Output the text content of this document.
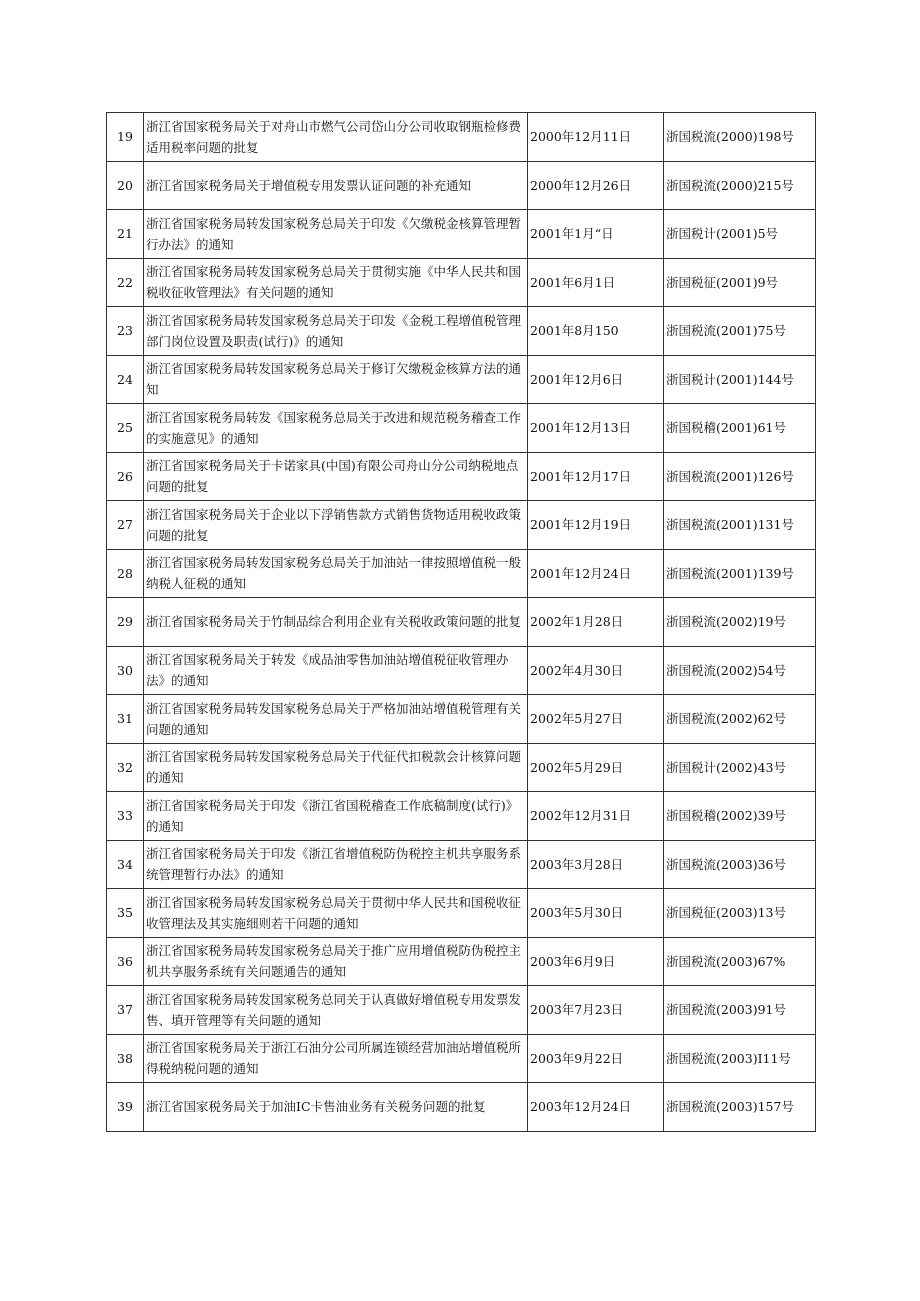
19	浙江省国家税务局关于对舟山市燃气公司岱山分公司收取钢瓶检修费适用税率问题的批复	2000年12月11日	浙国税流(2000)198号
20	浙江省国家税务局关于增值税专用发票认证问题的补充通知	2000年12月26日	浙国税流(2000)215号
21	浙江省国家税务局转发国家税务总局关于印发《欠缴税金核算管理暂行办法》的通知	2001年1月“日	浙国税计(2001)5号
22	浙江省国家税务局转发国家税务总局关于贯彻实施《中华人民共和国税收征收管理法》有关问题的通知	2001年6月1日	浙国税征(2001)9号
23	浙江省国家税务局转发国家税务总局关于印发《金税工程增值税管理部门岗位设置及职责(试行)》的通知	2001年8月150	浙国税流(2001)75号
24	浙江省国家税务局转发国家税务总局关于修订欠缴税金核算方法的通知	2001年12月6日	浙国税计(2001)144号
25	浙江省国家税务局转发《国家税务总局关于改进和规范税务稽查工作的实施意见》的通知	2001年12月13日	浙国税稽(2001)61号
26	浙江省国家税务局关于卡诺家具(中国)有限公司舟山分公司纳税地点问题的批复	2001年12月17日	浙国税流(2001)126号
27	浙江省国家税务局关于企业以下浮销售款方式销售货物适用税收政策问题的批复	2001年12月19日	浙国税流(2001)131号
28	浙江省国家税务局转发国家税务总局关于加油站一律按照增值税一般纳税人征税的通知	2001年12月24日	浙国税流(2001)139号
29	浙江省国家税务局关于竹制品综合利用企业有关税收政策问题的批复	2002年1月28日	浙国税流(2002)19号
30	浙江省国家税务局关于转发《成品油零售加油站增值税征收管理办法》的通知	2002年4月30日	浙国税流(2002)54号
31	浙江省国家税务局转发国家税务总局关于严格加油站增值税管理有关问题的通知	2002年5月27日	浙国税流(2002)62号
32	浙江省国家税务局转发国家税务总局关于代征代扣税款会计核算问题的通知	2002年5月29日	浙国税计(2002)43号
33	浙江省国家税务局关于印发《浙江省国税稽查工作底稿制度(试行)》的通知	2002年12月31日	浙国税稽(2002)39号
34	浙江省国家税务局关于印发《浙江省增值税防伪税控主机共享服务系统管理暂行办法》的通知	2003年3月28日	浙国税流(2003)36号
35	浙江省国家税务局转发国家税务总局关于贯彻中华人民共和国税收征收管理法及其实施细则若干问题的通知	2003年5月30日	浙国税征(2003)13号
36	浙江省国家税务局转发国家税务总局关于推广应用增值税防伪税控主机共享服务系统有关问题通告的通知	2003年6月9日	浙国税流(2003)67%
37	浙江省国家税务局转发国家税务总同关于认真做好增值税专用发票发售、填开管理等有关问题的通知	2003年7月23日	浙国税流(2003)91号
38	浙江省国家税务局关于浙江石油分公司所属连锁经营加油站增值税所得税纳税问题的通知	2003年9月22日	浙国税流(2003)I11号
39	浙江省国家税务局关于加油IC卡售油业务有关税务问题的批复	2003年12月24日	浙国税流(2003)157号
